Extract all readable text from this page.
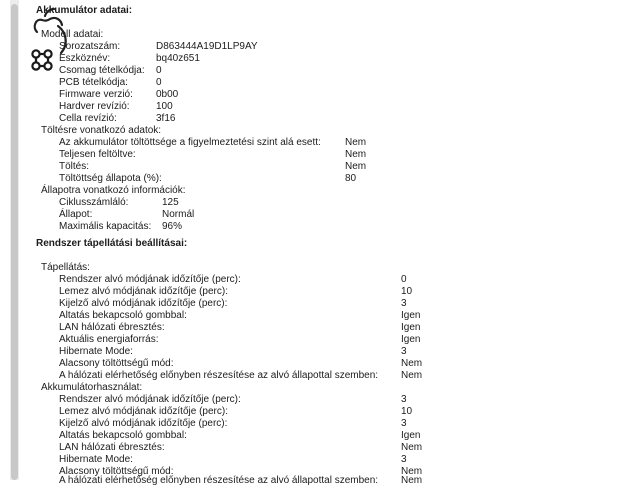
Akkumulátor adatai:
Modell adatai:
Sorozatszám:	D863444A19D1LP9AY
Eszköznév:	bq40z651
Csomag tételkódja: 0
PCB tételkódja:	0
Firmware verzió: 0b00
Hardver revízió:	100
Cella revízió:	3f16
Töltésre vonatkozó adatok:
Az akkumulátor töltöttsége a figyelmeztetési szint alá esett: Nem
Teljesen feltöltve:	Nem
Töltés:	Nem
Töltöttség állapota (%):	80
Állapotra vonatkozó információk:
Ciklusszámláló:	125
Állapot:	Normál
Maximális kapacitás: 96%
Rendszer tápellátási beállításai:
Tápellátás:
Rendszer alvó módjának időzítője (perc):	0
Lemez alvó módjának időzítője (perc):	10
Kijelző alvó módjának időzítője (perc):	3
Altatás bekapcsoló gombbal:	Igen
LAN hálózati ébresztés:	Igen
Aktuális energiaforrás:	Igen
Hibernate Mode:	3
Alacsony töltöttségű mód:	Nem
A hálózati elérhetőség előnyben részesítése az alvó állapottal szemben: Nem
Akkumulátorhasználat:
Rendszer alvó módjának időzítője (perc):	3
Lemez alvó módjának időzítője (perc):	10
Kijelző alvó módjának időzítője (perc):	3
Altatás bekapcsoló gombbal:	Igen
LAN hálózati ébresztés:	Nem
Hibernate Mode:	3
Alacsony töltöttségű mód:	Nem
A hálózati elérhetőség előnyben részesítése az alvó állapottal szemben: Nem
